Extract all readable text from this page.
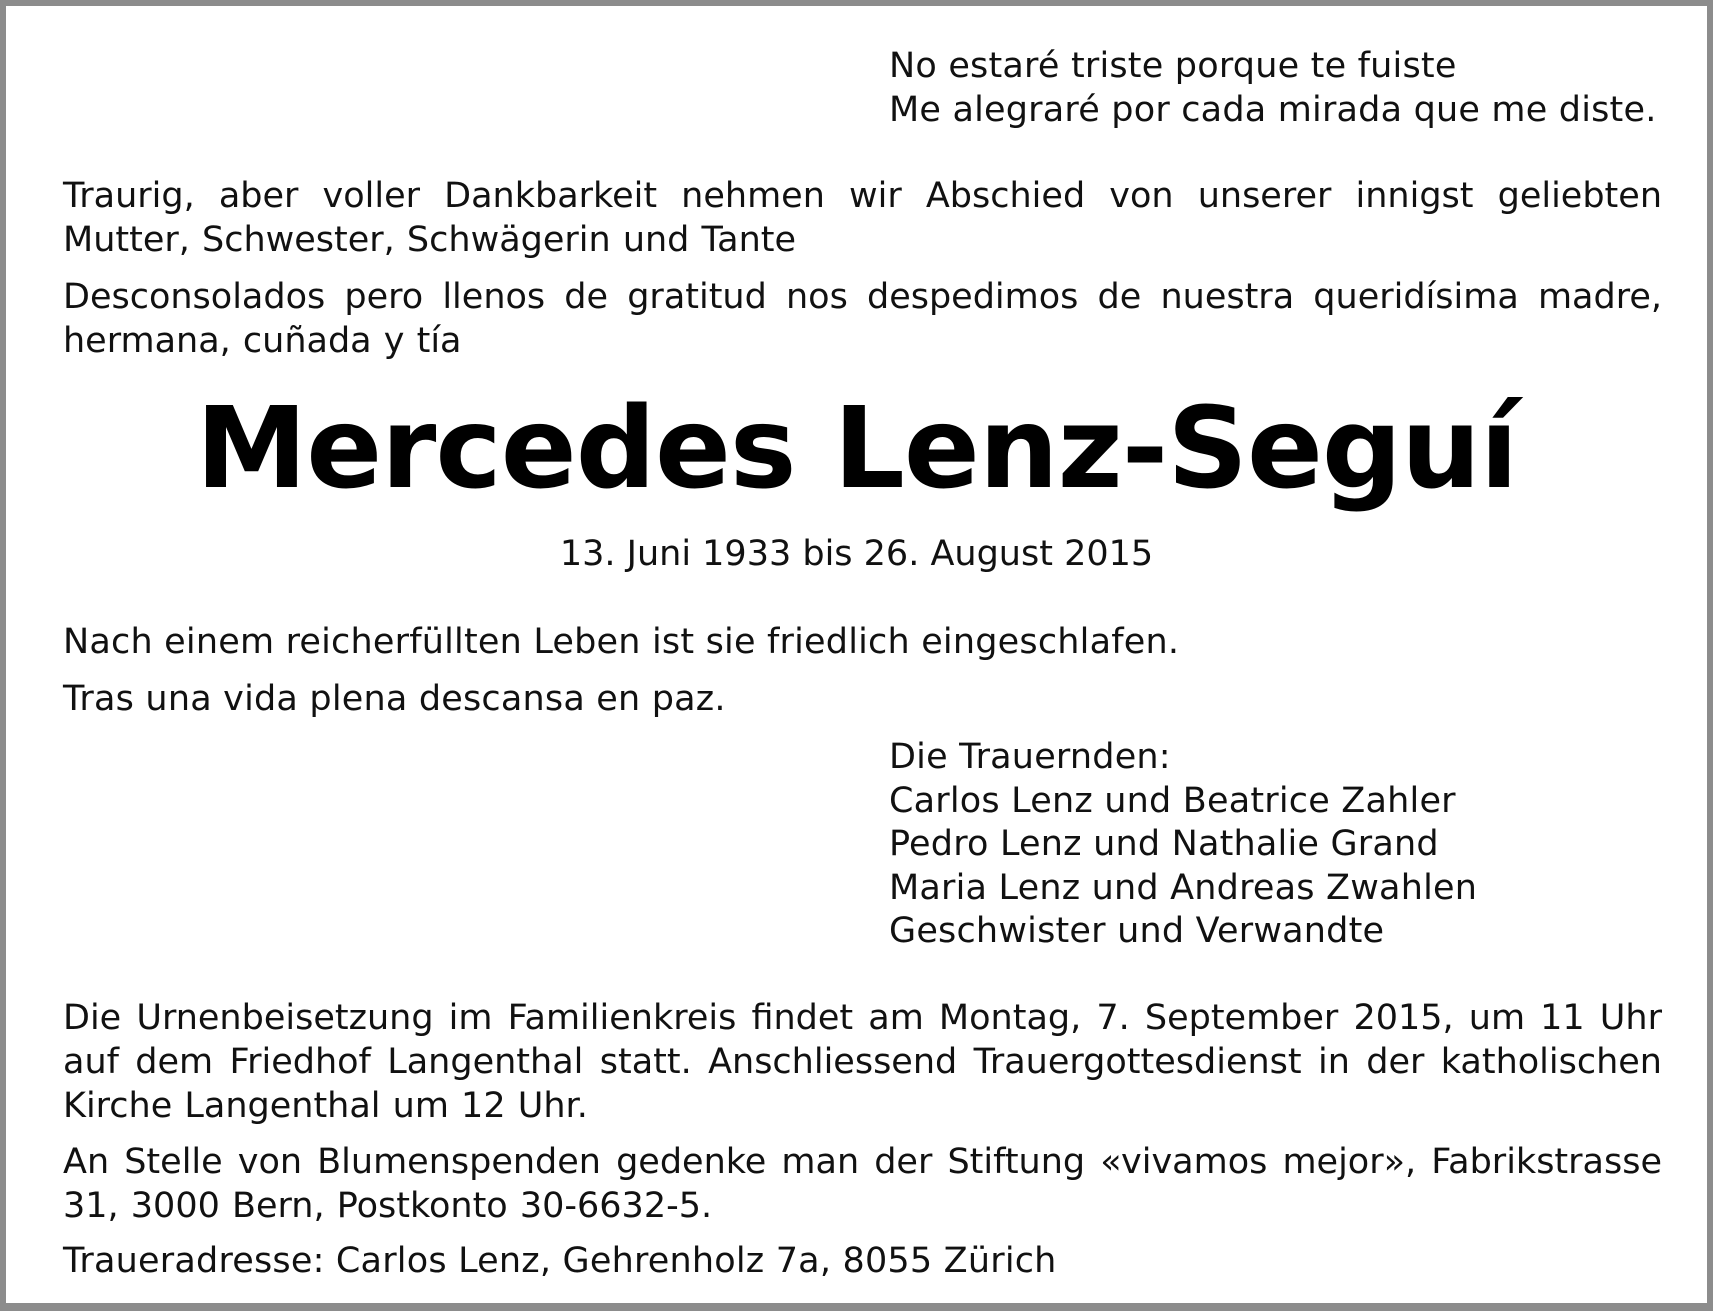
No estaré triste porque te fuiste

Me alegraré por cada mirada que me diste.

Traurig, aber voller Dankbarkeit nehmen wir Abschied von unserer innigst geliebten Mutter, Schwester, Schwägerin und Tante

Desconsolados pero llenos de gratitud nos despedimos de nuestra queridísima madre, hermana, cuñada y tía

Mercedes Lenz-Seguí

13. Juni 1933 bis 26. August 2015

Nach einem reicherfüllten Leben ist sie friedlich eingeschlafen.

Tras una vida plena descansa en paz.

Die Trauernden:

Carlos Lenz und Beatrice Zahler

Pedro Lenz und Nathalie Grand

Maria Lenz und Andreas Zwahlen

Geschwister und Verwandte

Die Urnenbeisetzung im Familienkreis findet am Montag, 7. September 2015, um 11 Uhr auf dem Friedhof Langenthal statt. Anschliessend Trauergottesdienst in der katholischen Kirche Langenthal um 12 Uhr.

An Stelle von Blumenspenden gedenke man der Stiftung «vivamos mejor», Fabrikstrasse 31, 3000 Bern, Postkonto 30-6632-5.

Traueradresse: Carlos Lenz, Gehrenholz 7a, 8055 Zürich
